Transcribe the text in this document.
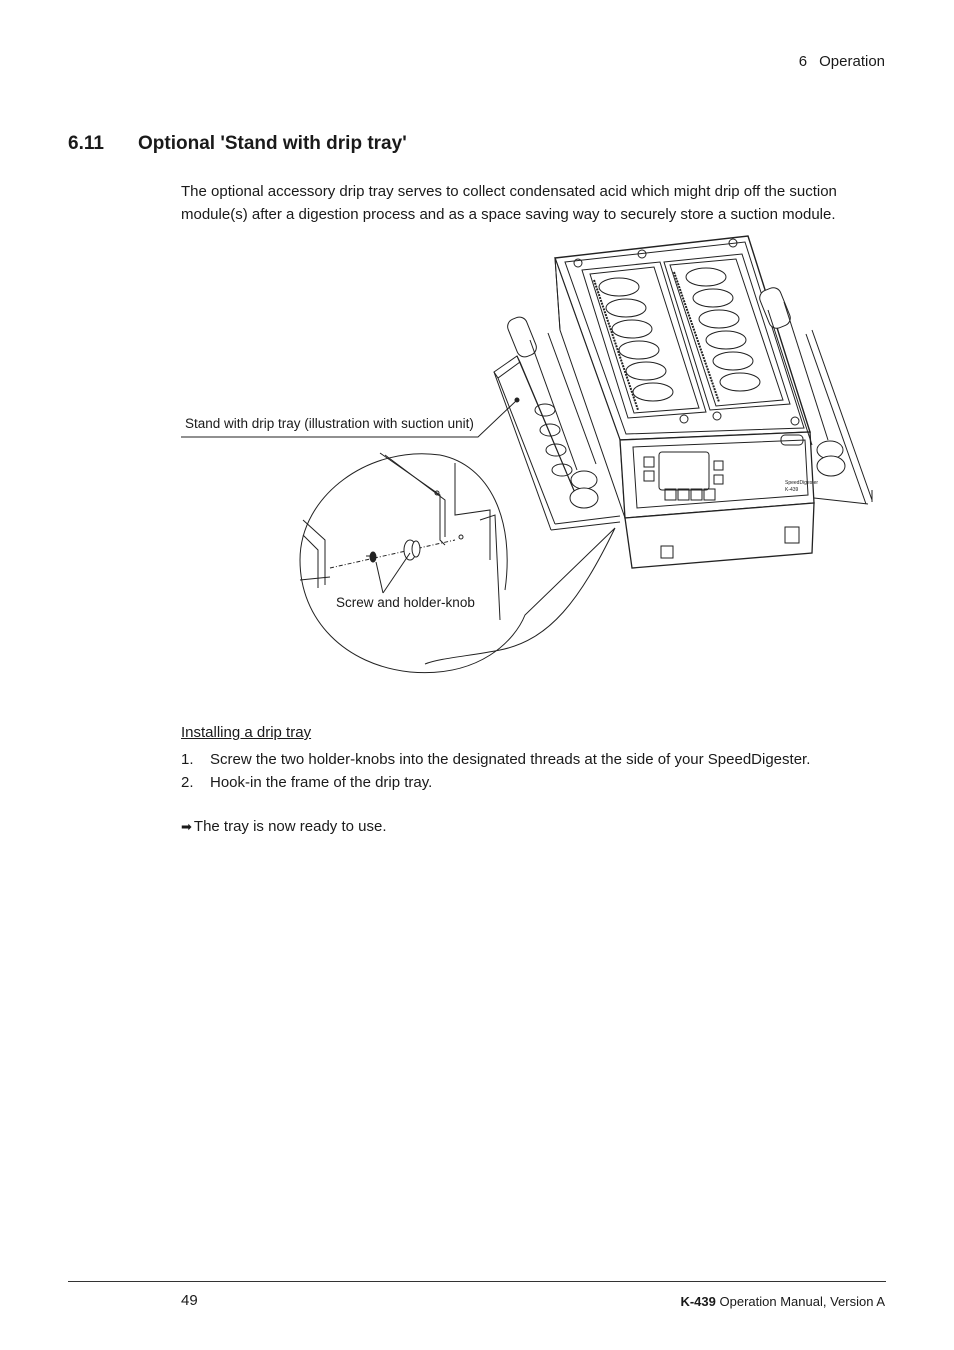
6 Operation
6.11 Optional 'Stand with drip tray'

The optional accessory drip tray serves to collect condensated acid which might drip off the suction module(s) after a digestion process and as a space saving way to securely store a suction module.

SpeedDigester
K-439
Stand with drip tray (illustration with suction unit)
Screw and holder-knob
Installing a drip tray
1.	Screw the two holder-knobs into the designated threads at the side of your SpeedDigester.
2.	Hook-in the frame of the drip tray.
➡ The tray is now ready to use.
49	K-439 Operation Manual, Version A
